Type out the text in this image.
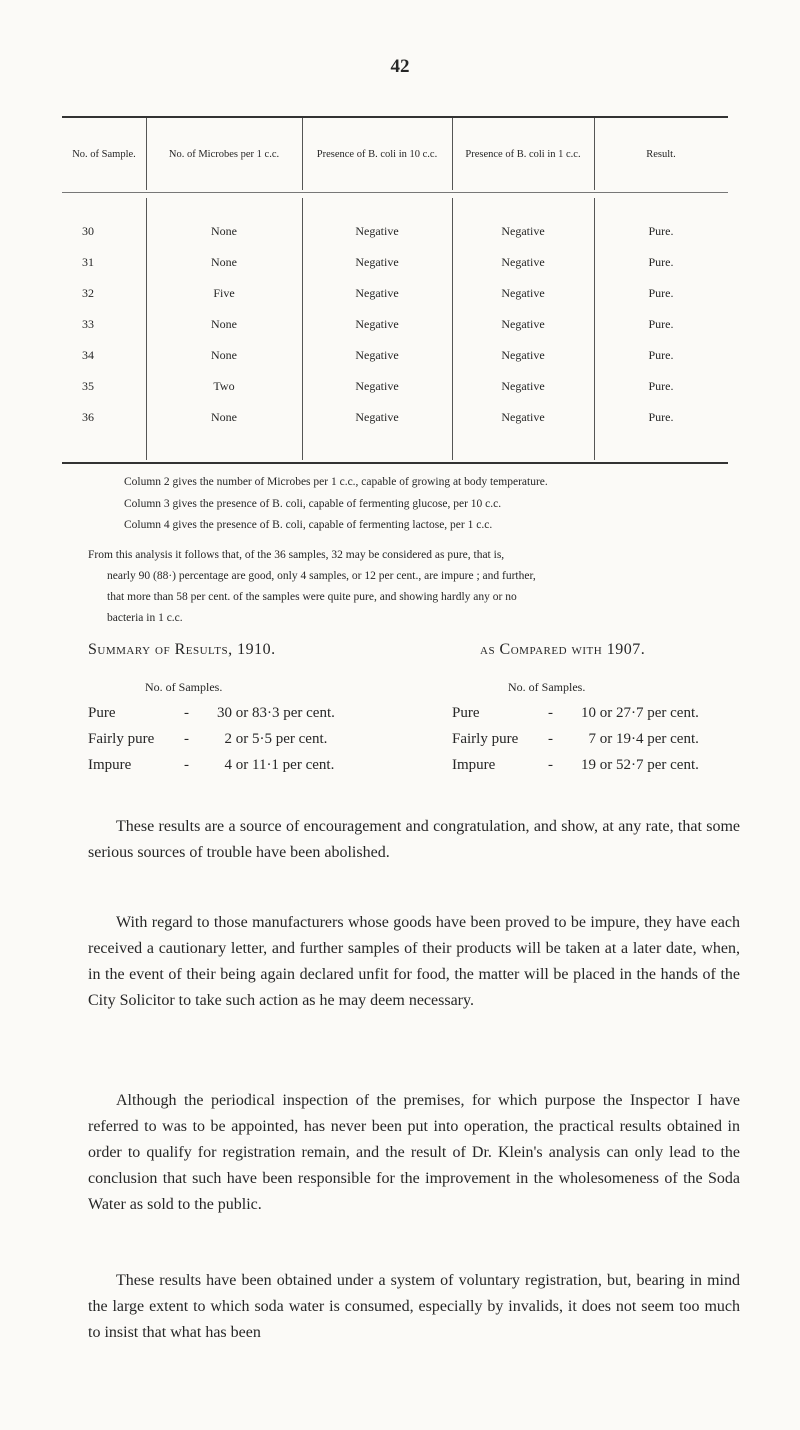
42
No. of Sample.	No. of Microbes per 1 c.c.	Presence of B. coli in 10 c.c.	Presence of B. coli in 1 c.c.	Result.
30	None	Negative	Negative	Pure.
31	None	Negative	Negative	Pure.
32	Five	Negative	Negative	Pure.
33	None	Negative	Negative	Pure.
34	None	Negative	Negative	Pure.
35	Two	Negative	Negative	Pure.
36	None	Negative	Negative	Pure.
Column 2 gives the number of Microbes per 1 c.c., capable of growing at body temperature.
Column 3 gives the presence of B. coli, capable of fermenting glucose, per 10 c.c.
Column 4 gives the presence of B. coli, capable of fermenting lactose, per 1 c.c.
From this analysis it follows that, of the 36 samples, 32 may be considered as pure, that is,
nearly 90 (88·) percentage are good, only 4 samples, or 12 per cent., are impure ; and further,
that more than 58 per cent. of the samples were quite pure, and showing hardly any or no
bacteria in 1 c.c.
Summary of Results, 1910.	as Compared with 1907.
No. of Samples.	No. of Samples.
Pure	- 30 or 83·3 per cent.
Fairly pure - 2 or 5·5 per cent.
Impure	- 4 or 11·1 per cent.
Pure	- 10 or 27·7 per cent.
Fairly pure - 7 or 19·4 per cent.
Impure	- 19 or 52·7 per cent.

These results are a source of encouragement and congratulation, and show, at any rate, that some serious sources of trouble have been abolished.

With regard to those manufacturers whose goods have been proved to be impure, they have each received a cautionary letter, and further samples of their products will be taken at a later date, when, in the event of their being again declared unfit for food, the matter will be placed in the hands of the City Solicitor to take such action as he may deem necessary.

Although the periodical inspection of the premises, for which purpose the Inspector I have referred to was to be appointed, has never been put into operation, the practical results obtained in order to qualify for registration remain, and the result of Dr. Klein's analysis can only lead to the conclusion that such have been responsible for the improvement in the wholesomeness of the Soda Water as sold to the public.

These results have been obtained under a system of voluntary registration, but, bearing in mind the large extent to which soda water is consumed, especially by invalids, it does not seem too much to insist that what has been
